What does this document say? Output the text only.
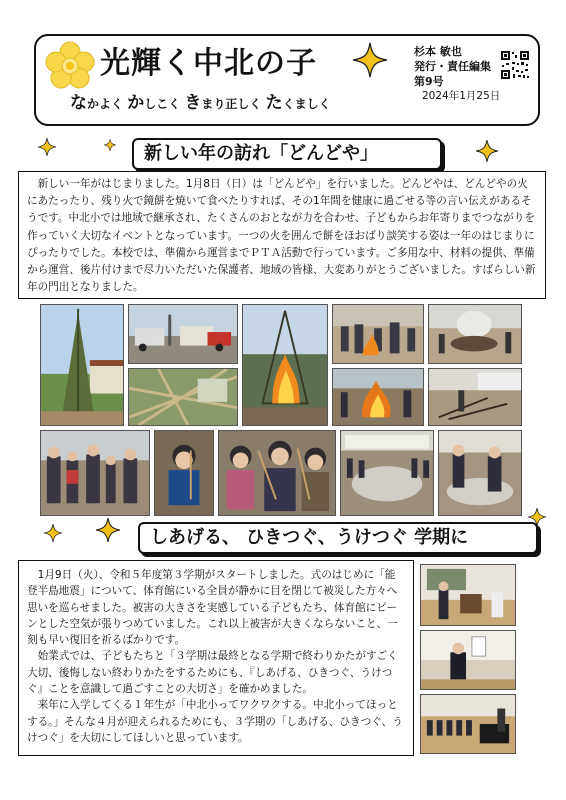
光輝く中北の子
なかよく かしこく きまり正しく たくましく
杉本 敏也
発行・責任編集
第9号
2024年1月25日
新しい年の訪れ「どんどや」

新しい一年がはじまりました。1月8日（日）は「どんどや」を行いました。どんどやは、どんどやの火にあたったり、残り火で鏡餅を焼いて食べたりすれば、その1年間を健康に過ごせる等の言い伝えがあるそうです。中北小では地域で継承され、たくさんのおとなが力を合わせ、子どもからお年寄りまでつながりを作っていく大切なイベントとなっています。一つの火を囲んで餅をほおばり談笑する姿は一年のはじまりにぴったりでした。本校では、準備から運営までＰＴＡ活動で行っています。ご多用な中、材料の提供、準備から運営、後片付けまで尽力いただいた保護者、地域の皆様、大変ありがとうございました。すばらしい新年の門出となりました。

しあげる、 ひきつぐ、うけつぐ 学期に

1月9日（火）、令和５年度第３学期がスタートしました。式のはじめに「能登半島地震」について、体育館にいる全員が静かに目を閉じて被災した方々へ思いを巡らせました。被害の大きさを実感している子どもたち、体育館にピーンとした空気が張りつめていました。これ以上被害が大きくならないこと、一刻も早い復旧を祈るばかりです。

始業式では、子どもたちと「３学期は最終となる学期で終わりかたがすごく大切、後悔しない終わりかたをするためにも、『しあげる、ひきつぐ、うけつぐ』ことを意識して過ごすことの大切さ」を確かめました。

来年に入学してくる１年生が「中北小ってワクワクする。中北小ってほっとする。」そんな４月が迎えられるためにも、３学期の「しあげる、ひきつぐ、うけつぐ」を大切にしてほしいと思っています。
